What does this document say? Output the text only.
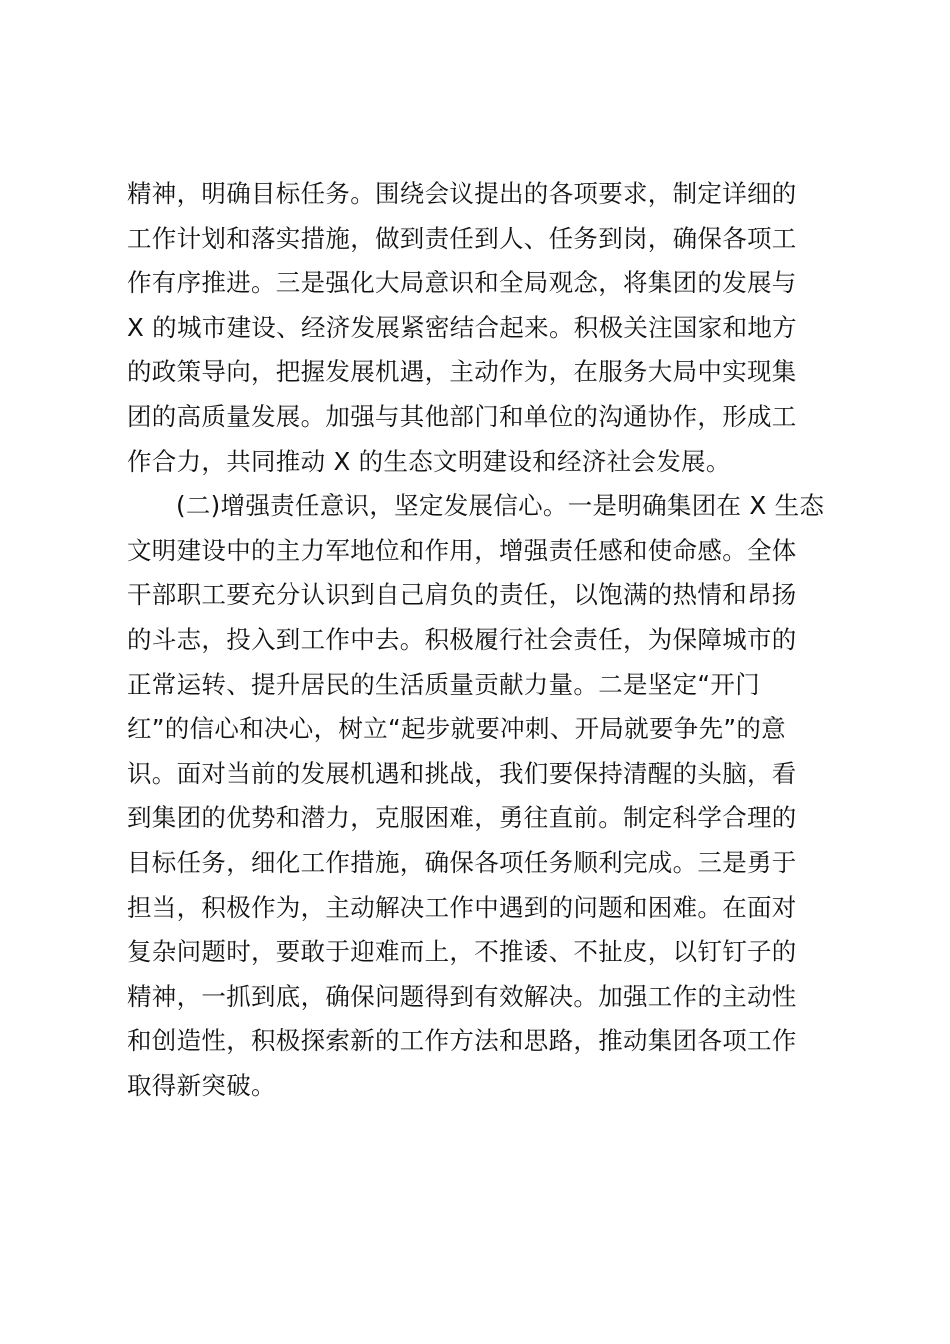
精神，明确目标任务。围绕会议提出的各项要求，制定详细的
工作计划和落实措施，做到责任到人、任务到岗，确保各项工
作有序推进。三是强化大局意识和全局观念，将集团的发展与
X 的城市建设、经济发展紧密结合起来。积极关注国家和地方
的政策导向，把握发展机遇，主动作为，在服务大局中实现集
团的高质量发展。加强与其他部门和单位的沟通协作，形成工
作合力，共同推动 X 的生态文明建设和经济社会发展。
(二)增强责任意识，坚定发展信心。一是明确集团在 X 生态
文明建设中的主力军地位和作用，增强责任感和使命感。全体
干部职工要充分认识到自己肩负的责任，以饱满的热情和昂扬
的斗志，投入到工作中去。积极履行社会责任，为保障城市的
正常运转、提升居民的生活质量贡献力量。二是坚定“开门
红”的信心和决心，树立“起步就要冲刺、开局就要争先”的意
识。面对当前的发展机遇和挑战，我们要保持清醒的头脑，看
到集团的优势和潜力，克服困难，勇往直前。制定科学合理的
目标任务，细化工作措施，确保各项任务顺利完成。三是勇于
担当，积极作为，主动解决工作中遇到的问题和困难。在面对
复杂问题时，要敢于迎难而上，不推诿、不扯皮，以钉钉子的
精神，一抓到底，确保问题得到有效解决。加强工作的主动性
和创造性，积极探索新的工作方法和思路，推动集团各项工作
取得新突破。
